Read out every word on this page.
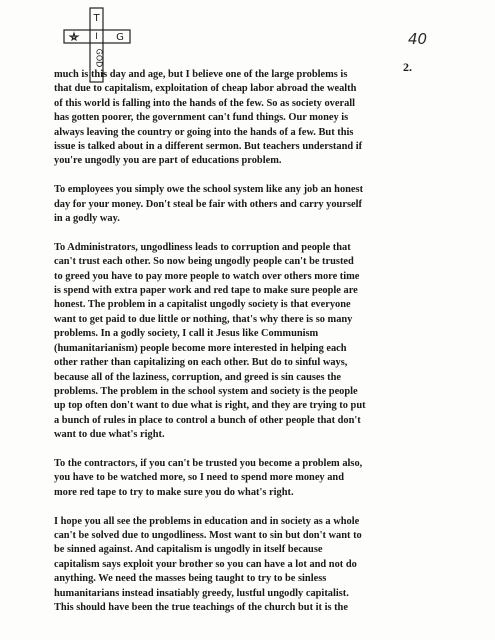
T
I G
GOD
40
2.
much is this day and age, but I believe one of the large problems is
that due to capitalism, exploitation of cheap labor abroad the wealth
of this world is falling into the hands of the few. So as society overall
has gotten poorer, the government can't fund things. Our money is
always leaving the country or going into the hands of a few. But this
issue is talked about in a different sermon. But teachers understand if
you're ungodly you are part of educations problem.
To employees you simply owe the school system like any job an honest
day for your money. Don't steal be fair with others and carry yourself
in a godly way.
To Administrators, ungodliness leads to corruption and people that
can't trust each other. So now being ungodly people can't be trusted
to greed you have to pay more people to watch over others more time
is spend with extra paper work and red tape to make sure people are
honest. The problem in a capitalist ungodly society is that everyone
want to get paid to due little or nothing, that's why there is so many
problems. In a godly society, I call it Jesus like Communism
(humanitarianism) people become more interested in helping each
other rather than capitalizing on each other. But do to sinful ways,
because all of the laziness, corruption, and greed is sin causes the
problems. The problem in the school system and society is the people
up top often don't want to due what is right, and they are trying to put
a bunch of rules in place to control a bunch of other people that don't
want to due what's right.
To the contractors, if you can't be trusted you become a problem also,
you have to be watched more, so I need to spend more money and
more red tape to try to make sure you do what's right.
I hope you all see the problems in education and in society as a whole
can't be solved due to ungodliness. Most want to sin but don't want to
be sinned against. And capitalism is ungodly in itself because
capitalism says exploit your brother so you can have a lot and not do
anything. We need the masses being taught to try to be sinless
humanitarians instead insatiably greedy, lustful ungodly capitalist.
This should have been the true teachings of the church but it is the
